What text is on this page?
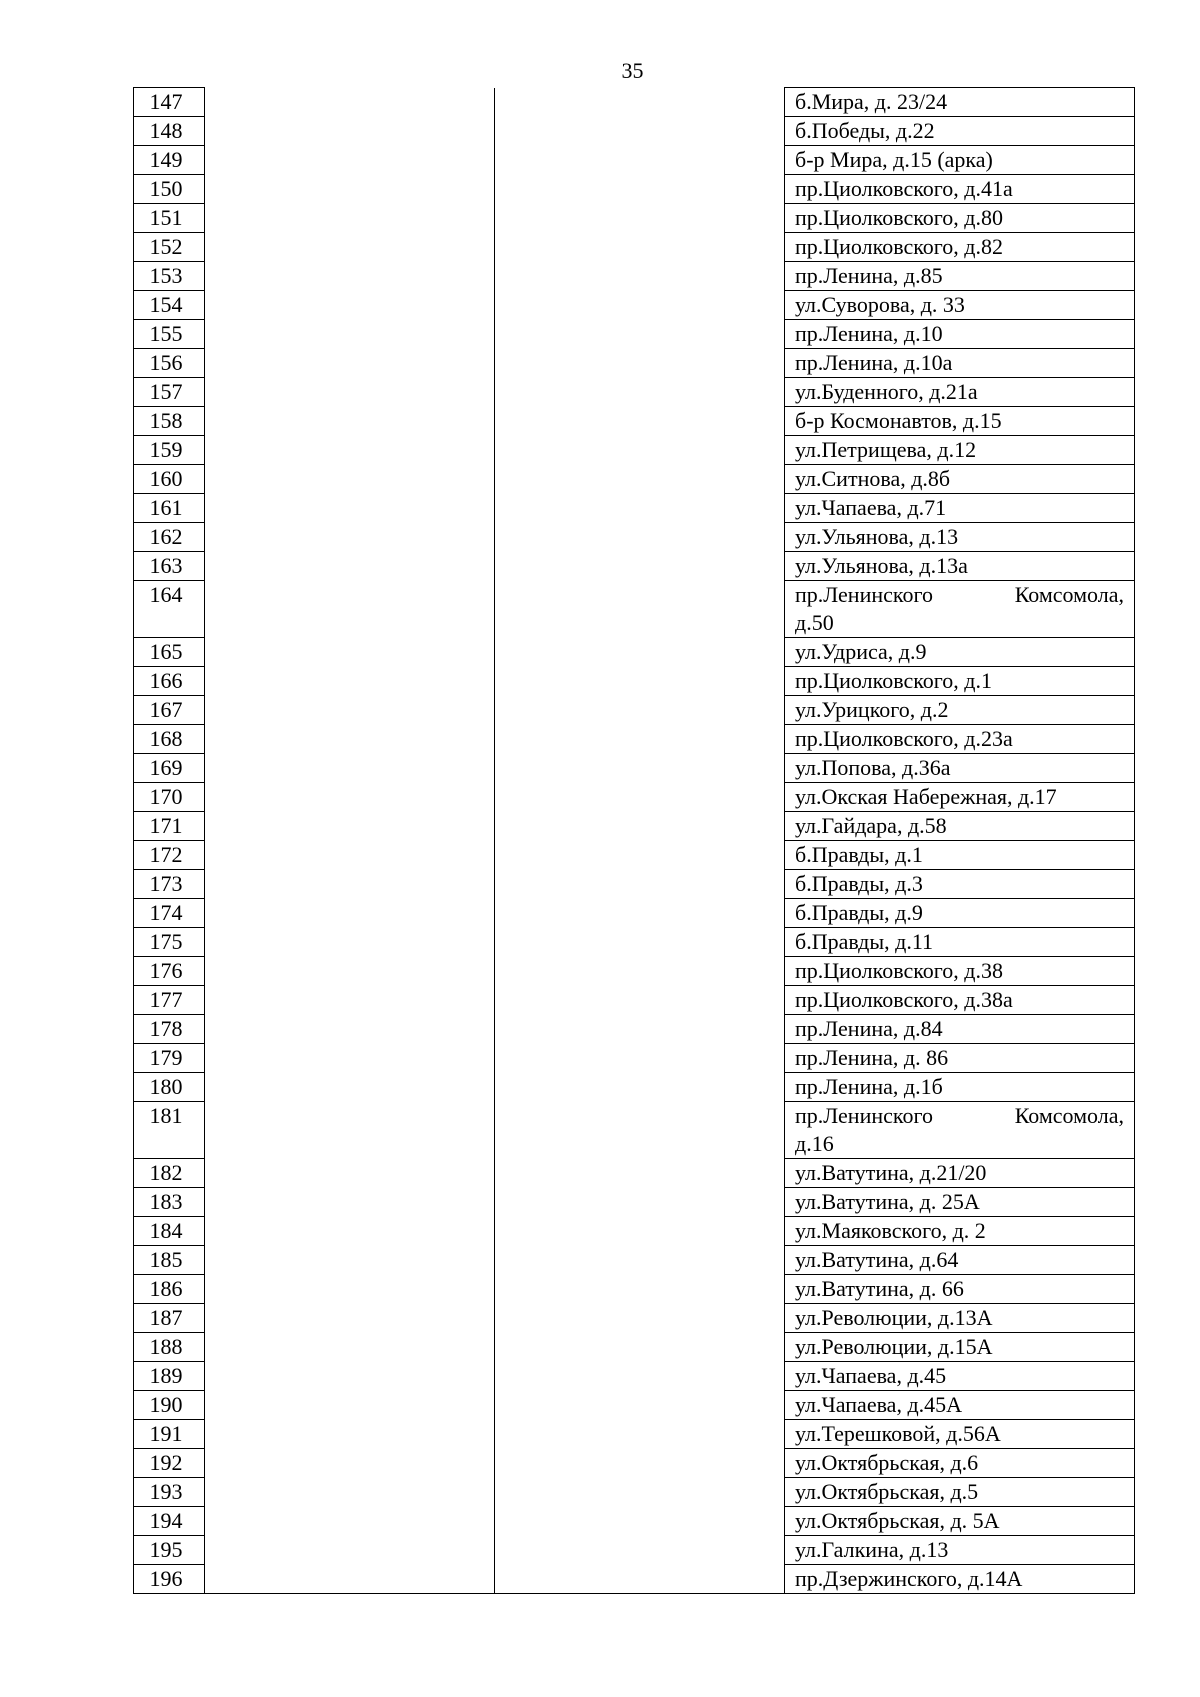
35
147			б.Мира, д. 23/24
148			б.Победы, д.22
149			б-р Мира, д.15 (арка)
150			пр.Циолковского, д.41а
151			пр.Циолковского, д.80
152			пр.Циолковского, д.82
153			пр.Ленина, д.85
154			ул.Суворова, д. 33
155			пр.Ленина, д.10
156			пр.Ленина, д.10а
157			ул.Буденного, д.21а
158			б-р Космонавтов, д.15
159			ул.Петрищева, д.12
160			ул.Ситнова, д.8б
161			ул.Чапаева, д.71
162			ул.Ульянова, д.13
163			ул.Ульянова, д.13а
164			пр.Ленинского Комсомола,
д.50

165			ул.Удриса, д.9
166			пр.Циолковского, д.1
167			ул.Урицкого, д.2
168			пр.Циолковского, д.23а
169			ул.Попова, д.36а
170			ул.Окская Набережная, д.17
171			ул.Гайдара, д.58
172			б.Правды, д.1
173			б.Правды, д.3
174			б.Правды, д.9
175			б.Правды, д.11
176			пр.Циолковского, д.38
177			пр.Циолковского, д.38а
178			пр.Ленина, д.84
179			пр.Ленина, д. 86
180			пр.Ленина, д.1б
181			пр.Ленинского Комсомола,
д.16

182			ул.Ватутина, д.21/20
183			ул.Ватутина, д. 25А
184			ул.Маяковского, д. 2
185			ул.Ватутина, д.64
186			ул.Ватутина, д. 66
187			ул.Революции, д.13А
188			ул.Революции, д.15А
189			ул.Чапаева, д.45
190			ул.Чапаева, д.45А
191			ул.Терешковой, д.56А
192			ул.Октябрьская, д.6
193			ул.Октябрьская, д.5
194			ул.Октябрьская, д. 5А
195			ул.Галкина, д.13
196			пр.Дзержинского, д.14А
